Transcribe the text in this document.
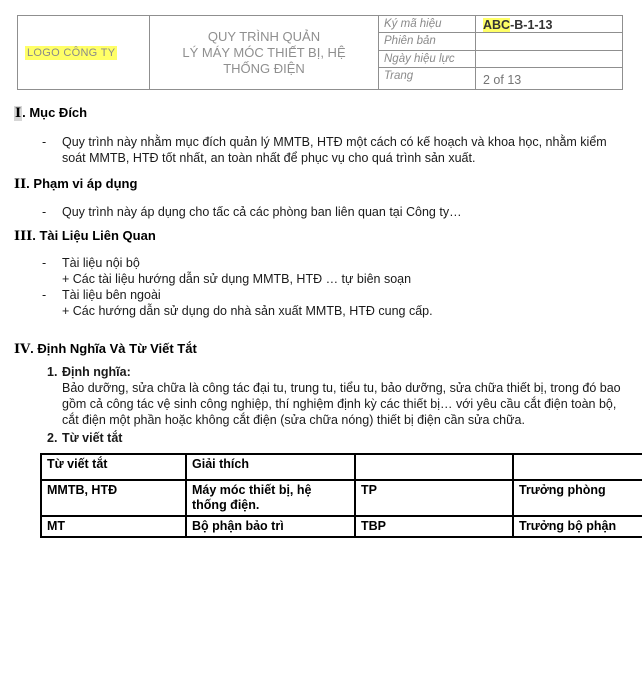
LOGO CÔNG TY
QUY TRÌNH QUẢN
LÝ MÁY MÓC THIẾT BỊ, HỆ
THỐNG ĐIỆN
Ký mã hiệu	ABC-B-1-13
Phiên bản
Ngày hiệu lực
Trang	2 of 13

I. Mục Đích

-	Quy trình này nhằm mục đích quản lý MMTB, HTĐ một cách có kế hoạch và khoa học, nhằm kiểm soát MMTB, HTĐ tốt nhất, an toàn nhất để phục vụ cho quá trình sản xuất.

II. Phạm vi áp dụng

-	Quy trình này áp dụng cho tấc cả các phòng ban liên quan tại Công ty…

III. Tài Liệu Liên Quan

-	Tài liệu nội bộ
+ Các tài liệu hướng dẫn sử dụng MMTB, HTĐ … tự biên soạn
-	Tài liệu bên ngoài
+ Các hướng dẫn sử dụng do nhà sản xuất MMTB, HTĐ cung cấp.

IV. Định Nghĩa Và Từ Viết Tắt

1. Định nghĩa:
Bảo dưỡng, sửa chữa là công tác đại tu, trung tu, tiểu tu, bảo dưỡng, sửa chữa thiết bị, trong đó bao gồm cả công tác vệ sinh công nghiệp, thí nghiệm định kỳ các thiết bị… với yêu cầu cắt điện toàn bộ, cắt điện một phần hoặc không cắt điện (sửa chữa nóng) thiết bị điện cần sửa chữa.
2. Từ viết tắt
Từ viết tắt	Giải thích		
MMTB, HTĐ	Máy móc thiết bị, hệ thống điện.	TP	Trưởng phòng
MT	Bộ phận bảo trì	TBP	Trưởng bộ phận
